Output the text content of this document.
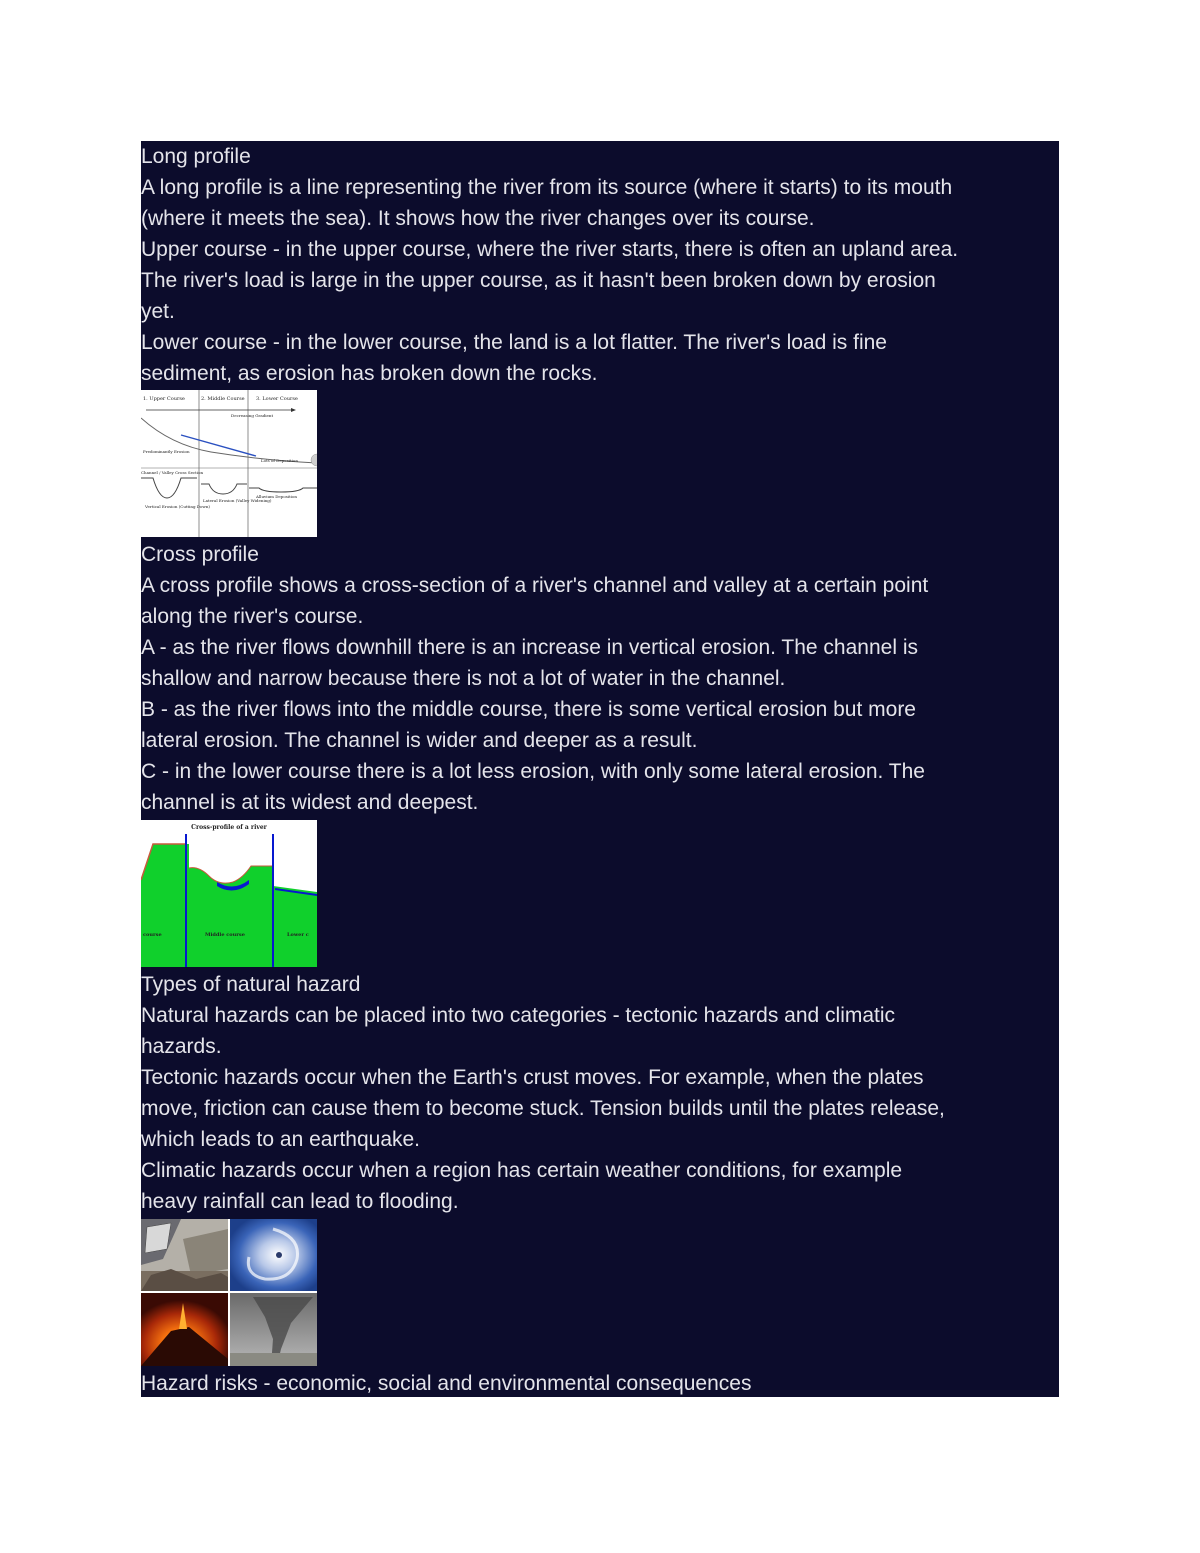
Long profile

A long profile is a line representing the river from its source (where it starts) to its mouth

(where it meets the sea). It shows how the river changes over its course.

Upper course - in the upper course, where the river starts, there is often an upland area.

The river's load is large in the upper course, as it hasn't been broken down by erosion

yet.

Lower course - in the lower course, the land is a lot flatter. The river's load is fine

sediment, as erosion has broken down the rocks.

1. Upper Course	2. Middle Course 3. Lower Course
Decreasing Gradient
Lots of Deposition
Predominantly Erosion
Channel / Valley Cross Section
Vertical Erosion (Cutting Down)
Lateral Erosion (Valley Widening)
Alluvium Deposition

Cross profile

A cross profile shows a cross-section of a river's channel and valley at a certain point

along the river's course.

A - as the river flows downhill there is an increase in vertical erosion. The channel is

shallow and narrow because there is not a lot of water in the channel.

B - as the river flows into the middle course, there is some vertical erosion but more

lateral erosion. The channel is wider and deeper as a result.

C - in the lower course there is a lot less erosion, with only some lateral erosion. The

channel is at its widest and deepest.

Cross-profile of a river
course	Middle course	Lower c

Types of natural hazard

Natural hazards can be placed into two categories - tectonic hazards and climatic

hazards.

Tectonic hazards occur when the Earth's crust moves. For example, when the plates

move, friction can cause them to become stuck. Tension builds until the plates release,

which leads to an earthquake.

Climatic hazards occur when a region has certain weather conditions, for example

heavy rainfall can lead to flooding.

Hazard risks - economic, social and environmental consequences
